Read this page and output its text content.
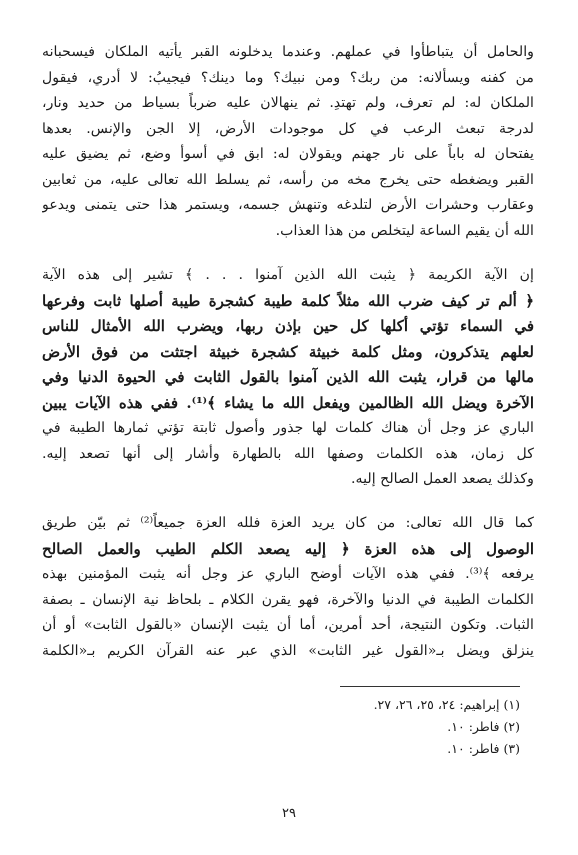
والحامل أن يتباطأوا في عملهم. وعندما يدخلونه القبر يأتيه الملكان فيسحبانه
من كفنه ويسألانه: من ربك؟ ومن نبيك؟ وما دينك؟ فيجيبُ: لا أدري، فيقول
الملكان له: لم تعرف، ولم تهتدِ. ثم ينهالان عليه ضرباً بسياط من حديد ونار،
لدرجة تبعث الرعب في كل موجودات الأرض، إلا الجن والإنس. بعدها
يفتحان له باباً على نار جهنم ويقولان له: ابق في أسوأ وضع، ثم يضيق عليه
القبر ويضغطه حتى يخرج مخه من رأسه، ثم يسلط الله تعالى عليه، من ثعابين
وعقارب وحشرات الأرض لتلدغه وتنهش جسمه، ويستمر هذا حتى يتمنى ويدعو
الله أن يقيم الساعة ليتخلص من هذا العذاب.
إن الآية الكريمة ﴿ يثبت الله الذين آمنوا . . . ﴾ تشير إلى هذه الآية
﴿ ألم تر كيف ضرب الله مثلاً كلمة طيبة كشجرة طيبة أصلها ثابت وفرعها
في السماء تؤتي أكلها كل حين بإذن ربها، ويضرب الله الأمثال للناس
لعلهم يتذكرون، ومثل كلمة خبيثة كشجرة خبيثة اجتثت من فوق الأرض
مالها من قرار، يثبت الله الذين آمنوا بالقول الثابت في الحيوة الدنيا وفي
الآخرة ويضل الله الظالمين ويفعل الله ما يشاء ﴾⁽¹⁾. ففي هذه الآيات يبين
الباري عز وجل أن هناك كلمات لها جذور وأصول ثابتة تؤتي ثمارها الطيبة في
كل زمان، هذه الكلمات وصفها الله بالطهارة وأشار إلى أنها تصعد إليه.
وكذلك يصعد العمل الصالح إليه.
كما قال الله تعالى: من كان يريد العزة فلله العزة جميعاً⁽²⁾ ثم بيّن طريق
الوصول إلى هذه العزة ﴿ إليه يصعد الكلم الطيب والعمل الصالح
يرفعه ﴾⁽³⁾. ففي هذه الآيات أوضح الباري عز وجل أنه يثبت المؤمنين بهذه
الكلمات الطيبة في الدنيا والآخرة، فهو يقرن الكلام ـ بلحاظ نية الإنسان ـ بصفة
الثبات. وتكون النتيجة، أحد أمرين، أما أن يثبت الإنسان «بالقول الثابت» أو أن
ينزلق ويضل بـ«القول غير الثابت» الذي عبر عنه القرآن الكريم بـ«الكلمة
(١) إبراهيم: ٢٤، ٢٥، ٢٦، ٢٧.
(٢) فاطر: ١٠.
(٣) فاطر: ١٠.
٢٩
